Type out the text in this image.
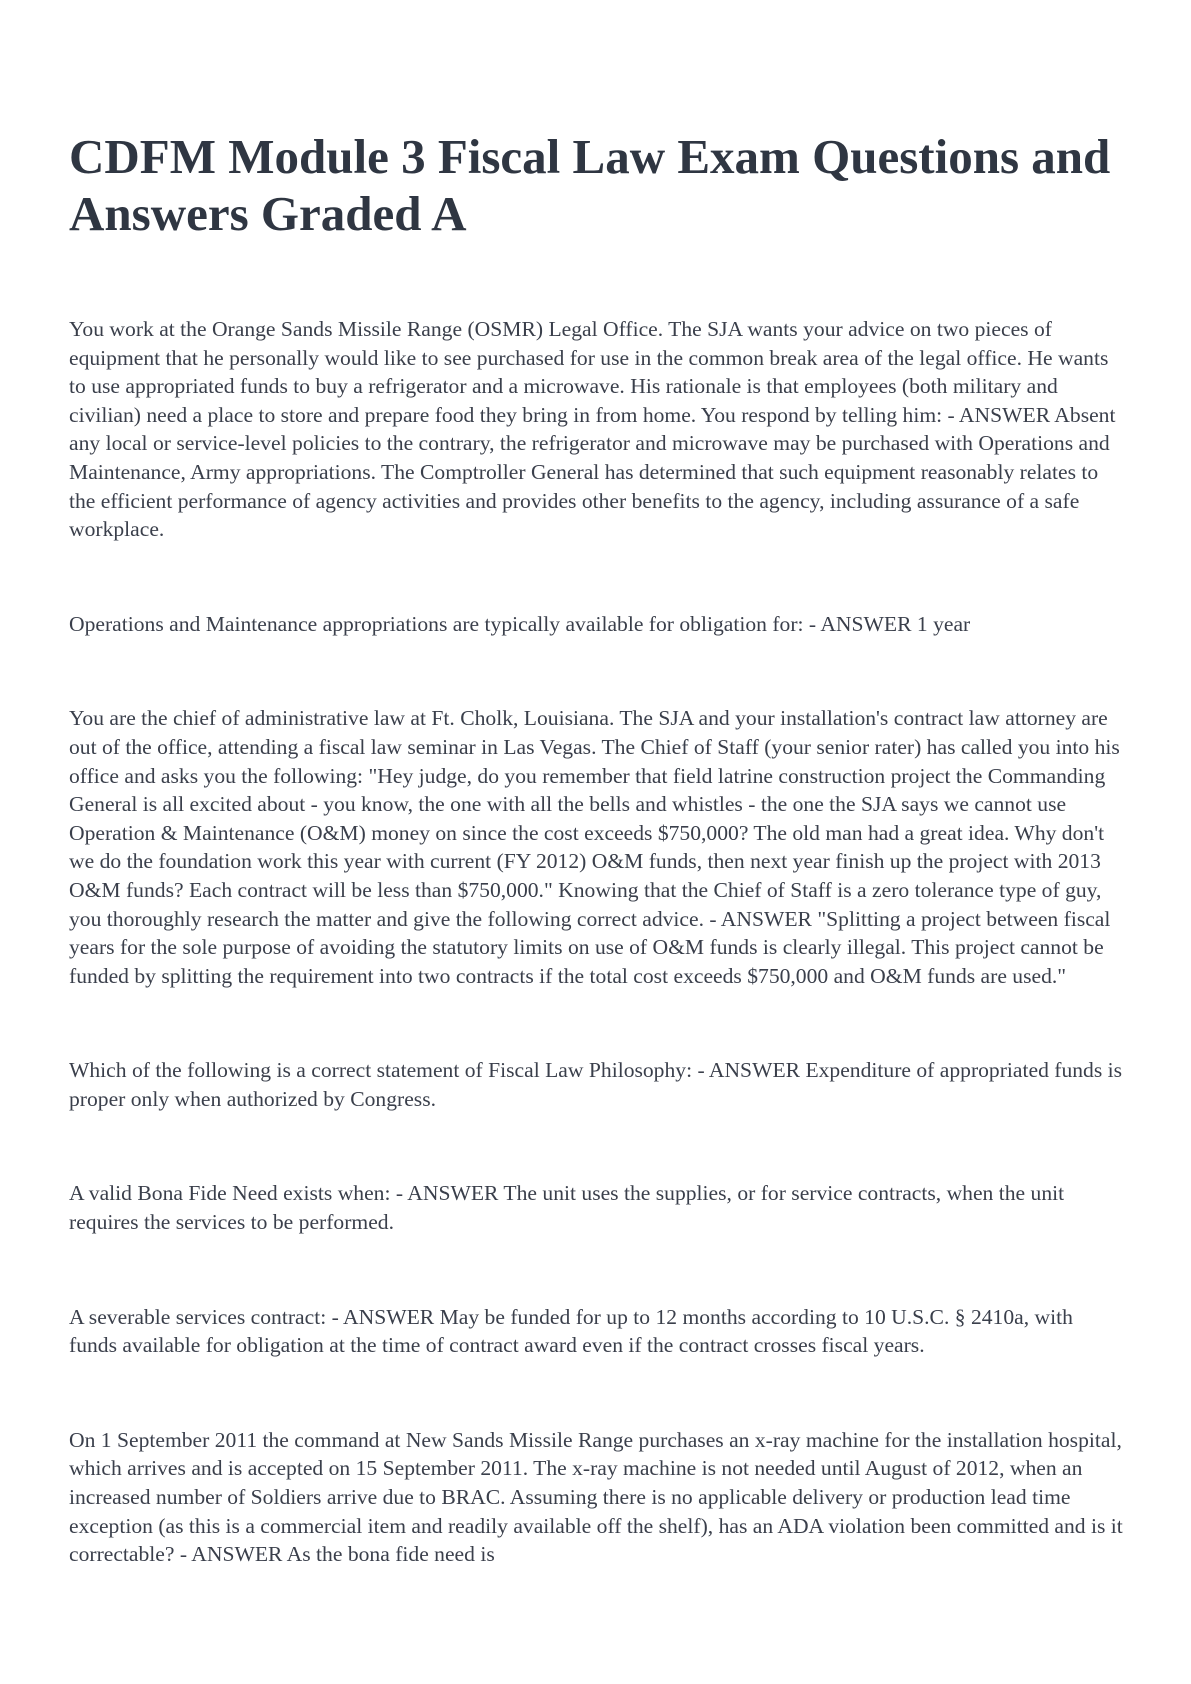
CDFM Module 3 Fiscal Law Exam Questions and Answers Graded A

You work at the Orange Sands Missile Range (OSMR) Legal Office. The SJA wants your advice on two pieces of equipment that he personally would like to see purchased for use in the common break area of the legal office. He wants to use appropriated funds to buy a refrigerator and a microwave. His rationale is that employees (both military and civilian) need a place to store and prepare food they bring in from home. You respond by telling him: - ANSWER Absent any local or service-level policies to the contrary, the refrigerator and microwave may be purchased with Operations and Maintenance, Army appropriations. The Comptroller General has determined that such equipment reasonably relates to the efficient performance of agency activities and provides other benefits to the agency, including assurance of a safe workplace.

Operations and Maintenance appropriations are typically available for obligation for: - ANSWER 1 year

You are the chief of administrative law at Ft. Cholk, Louisiana. The SJA and your installation's contract law attorney are out of the office, attending a fiscal law seminar in Las Vegas. The Chief of Staff (your senior rater) has called you into his office and asks you the following: "Hey judge, do you remember that field latrine construction project the Commanding General is all excited about - you know, the one with all the bells and whistles - the one the SJA says we cannot use Operation & Maintenance (O&M) money on since the cost exceeds $750,000? The old man had a great idea. Why don't we do the foundation work this year with current (FY 2012) O&M funds, then next year finish up the project with 2013 O&M funds? Each contract will be less than $750,000." Knowing that the Chief of Staff is a zero tolerance type of guy, you thoroughly research the matter and give the following correct advice. - ANSWER "Splitting a project between fiscal years for the sole purpose of avoiding the statutory limits on use of O&M funds is clearly illegal. This project cannot be funded by splitting the requirement into two contracts if the total cost exceeds $750,000 and O&M funds are used."

Which of the following is a correct statement of Fiscal Law Philosophy: - ANSWER Expenditure of appropriated funds is proper only when authorized by Congress.

A valid Bona Fide Need exists when: - ANSWER The unit uses the supplies, or for service contracts, when the unit requires the services to be performed.

A severable services contract: - ANSWER May be funded for up to 12 months according to 10 U.S.C. § 2410a, with funds available for obligation at the time of contract award even if the contract crosses fiscal years.

On 1 September 2011 the command at New Sands Missile Range purchases an x-ray machine for the installation hospital, which arrives and is accepted on 15 September 2011. The x-ray machine is not needed until August of 2012, when an increased number of Soldiers arrive due to BRAC. Assuming there is no applicable delivery or production lead time exception (as this is a commercial item and readily available off the shelf), has an ADA violation been committed and is it correctable? - ANSWER As the bona fide need is
